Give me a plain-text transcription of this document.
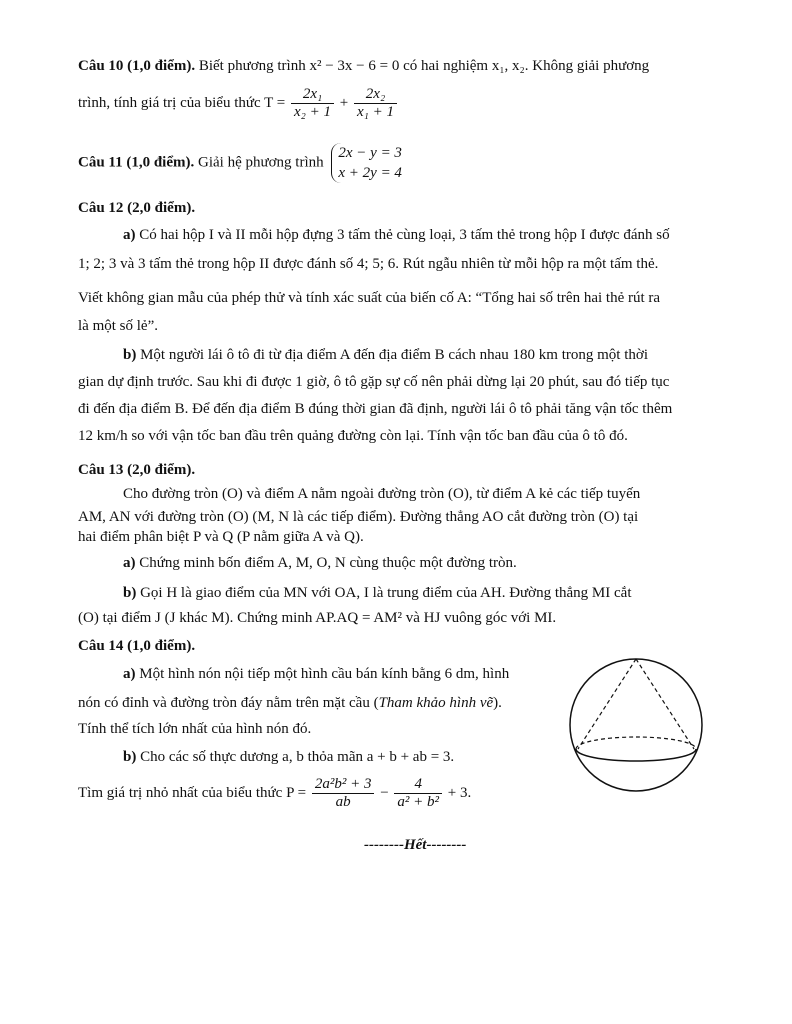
Câu 10 (1,0 điểm). Biết phương trình x² − 3x − 6 = 0 có hai nghiệm x₁, x₂. Không giải phương
trình, tính giá trị của biểu thức $T = \frac{\text{2x₁}}{\text{x₂ + 1}} + \frac{\text{2x₂}}{\text{x₁ + 1}}$
Câu 11 (1,0 điểm). Giải hệ phương trình
2x − y = 3
x + 2y = 4
Câu 12 (2,0 điểm).
a) Có hai hộp I và II mỗi hộp đựng 3 tấm thẻ cùng loại, 3 tấm thẻ trong hộp I được đánh số
1; 2; 3 và 3 tấm thẻ trong hộp II được đánh số 4; 5; 6. Rút ngẫu nhiên từ mỗi hộp ra một tấm thẻ.
Viết không gian mẫu của phép thử và tính xác suất của biến cố A: “Tổng hai số trên hai thẻ rút ra
là một số lẻ”.
b) Một người lái ô tô đi từ địa điểm A đến địa điểm B cách nhau 180 km trong một thời
gian dự định trước. Sau khi đi được 1 giờ, ô tô gặp sự cố nên phải dừng lại 20 phút, sau đó tiếp tục
đi đến địa điểm B. Để đến địa điểm B đúng thời gian đã định, người lái ô tô phải tăng vận tốc thêm
12 km/h so với vận tốc ban đầu trên quảng đường còn lại. Tính vận tốc ban đầu của ô tô đó.
Câu 13 (2,0 điểm).
Cho đường tròn (O) và điểm A nằm ngoài đường tròn (O), từ điểm A kẻ các tiếp tuyến
AM, AN với đường tròn (O) (M, N là các tiếp điểm). Đường thẳng AO cắt đường tròn (O) tại
hai điểm phân biệt P và Q (P nằm giữa A và Q).
a) Chứng minh bốn điểm A, M, O, N cùng thuộc một đường tròn.
b) Gọi H là giao điểm của MN với OA, I là trung điểm của AH. Đường thẳng MI cắt
(O) tại điểm J (J khác M). Chứng minh AP.AQ = AM² và HJ vuông góc với MI.
Câu 14 (1,0 điểm).
a) Một hình nón nội tiếp một hình cầu bán kính bằng 6 dm, hình
nón có đỉnh và đường tròn đáy nằm trên mặt cầu (Tham khảo hình vẽ).
Tính thể tích lớn nhất của hình nón đó.
b) Cho các số thực dương a, b thỏa mãn a + b + ab = 3.
Tìm giá trị nhỏ nhất của biểu thức $P = \frac{\text{2a²b² + 3}}{ab} - \frac{4}{\text{a² + b²}} + 3$.
--------Hết--------
